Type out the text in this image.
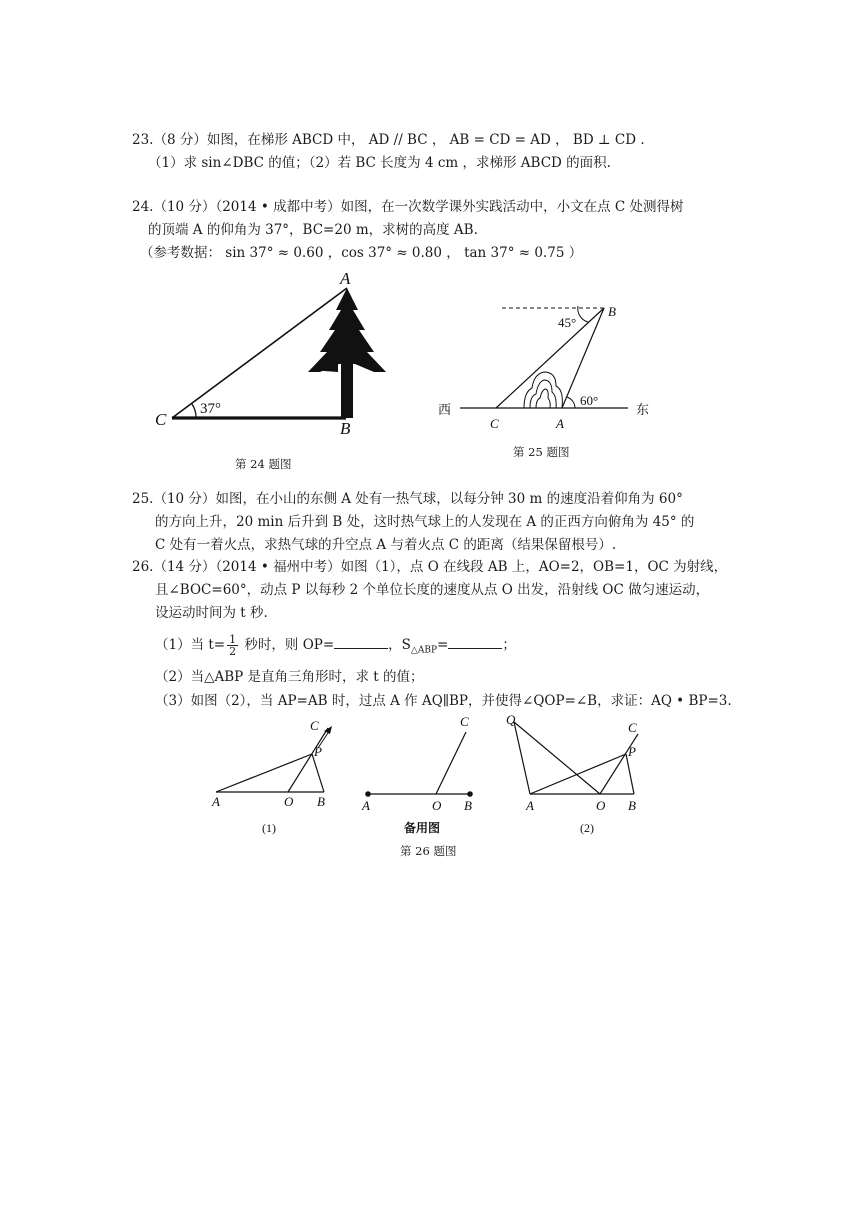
23.（8 分）如图，在梯形 ABCD 中， AD // BC ， AB = CD = AD ， BD ⊥ CD .
（1）求 sin∠DBC 的值；（2）若 BC 长度为 4 cm ，求梯形 ABCD 的面积.
24.（10 分）（2014 • 成都中考）如图，在一次数学课外实践活动中，小文在点 C 处测得树
的顶端 A 的仰角为 37°，BC=20 m，求树的高度 AB.
（参考数据： sin 37° ≈ 0.60 ，cos 37° ≈ 0.80 ， tan 37° ≈ 0.75 ）
A
B
C
37°
第 24 题图
B
C	A
45°
60°
西	东
第 25 题图
25.（10 分）如图，在小山的东侧 A 处有一热气球，以每分钟 30 m 的速度沿着仰角为 60°
的方向上升，20 min 后升到 B 处，这时热气球上的人发现在 A 的正西方向俯角为 45° 的
C 处有一着火点，求热气球的升空点 A 与着火点 C 的距离（结果保留根号）.
26.（14 分）（2014 • 福州中考）如图（1），点 O 在线段 AB 上，AO=2，OB=1，OC 为射线，
且∠BOC=60°，动点 P 以每秒 2 个单位长度的速度从点 O 出发，沿射线 OC 做匀速运动，
设运动时间为 t 秒.
（1）当 $t= \frac{1}{2}$ 秒时，则 OP=	，$S_{\triangle ABP}=$	；
（2）当△ABP 是直角三角形时，求 t 的值；
（3）如图（2），当 AP=AB 时，过点 A 作 AQ∥BP，并使得∠QOP=∠B，求证：AQ • BP=3.
A	O B
C
P
(1)
A	O B
C
备用图
Q
A	O B
C
P
(2)
第 26 题图
